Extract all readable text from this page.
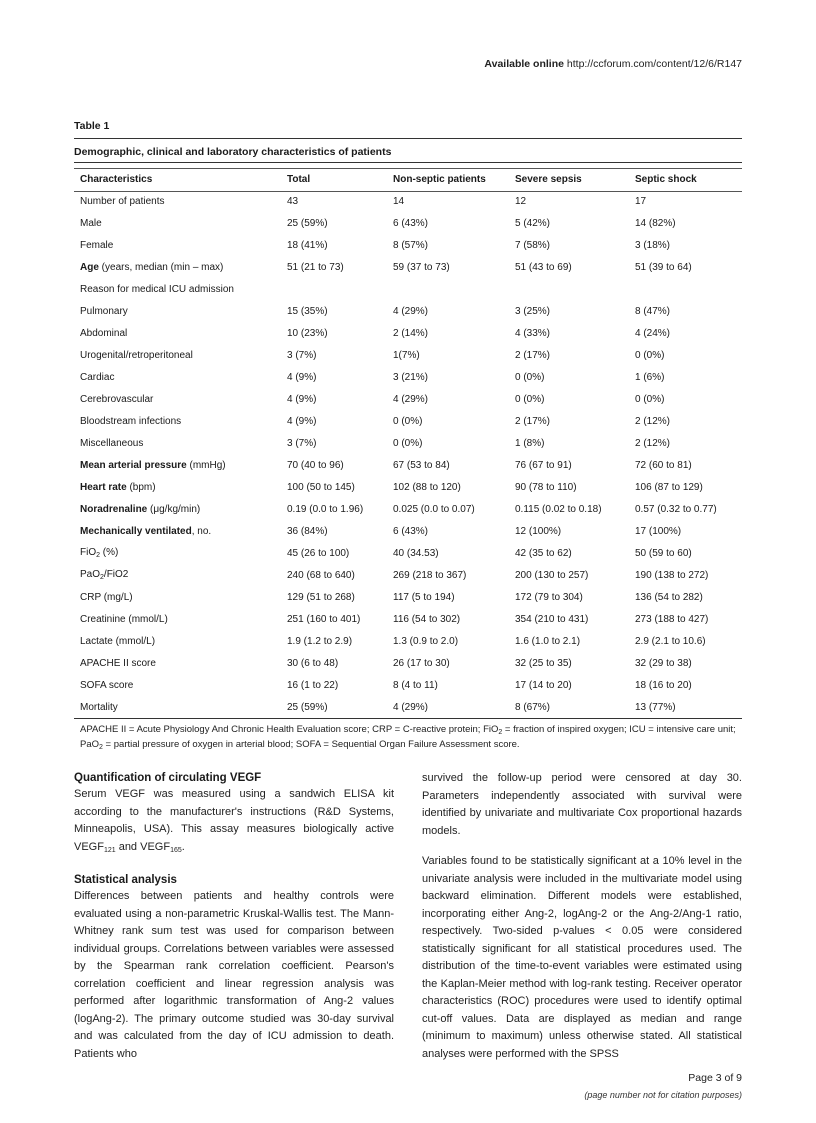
Available online http://ccforum.com/content/12/6/R147
Table 1
Demographic, clinical and laboratory characteristics of patients
Characteristics	Total	Non-septic patients	Severe sepsis	Septic shock
Number of patients	43	14	12	17
Male	25 (59%)	6 (43%)	5 (42%)	14 (82%)
Female	18 (41%)	8 (57%)	7 (58%)	3 (18%)
Age (years, median (min – max)	51 (21 to 73)	59 (37 to 73)	51 (43 to 69)	51 (39 to 64)
Reason for medical ICU admission				
Pulmonary	15 (35%)	4 (29%)	3 (25%)	8 (47%)
Abdominal	10 (23%)	2 (14%)	4 (33%)	4 (24%)
Urogenital/retroperitoneal	3 (7%)	1(7%)	2 (17%)	0 (0%)
Cardiac	4 (9%)	3 (21%)	0 (0%)	1 (6%)
Cerebrovascular	4 (9%)	4 (29%)	0 (0%)	0 (0%)
Bloodstream infections	4 (9%)	0 (0%)	2 (17%)	2 (12%)
Miscellaneous	3 (7%)	0 (0%)	1 (8%)	2 (12%)
Mean arterial pressure (mmHg)	70 (40 to 96)	67 (53 to 84)	76 (67 to 91)	72 (60 to 81)
Heart rate (bpm)	100 (50 to 145)	102 (88 to 120)	90 (78 to 110)	106 (87 to 129)
Noradrenaline (μg/kg/min)	0.19 (0.0 to 1.96)	0.025 (0.0 to 0.07)	0.115 (0.02 to 0.18)	0.57 (0.32 to 0.77)
Mechanically ventilated, no.	36 (84%)	6 (43%)	12 (100%)	17 (100%)
FiO$_2$ (%)	45 (26 to 100)	40 (34.53)	42 (35 to 62)	50 (59 to 60)
PaO$_2$/FiO2	240 (68 to 640)	269 (218 to 367)	200 (130 to 257)	190 (138 to 272)
CRP (mg/L)	129 (51 to 268)	117 (5 to 194)	172 (79 to 304)	136 (54 to 282)
Creatinine (mmol/L)	251 (160 to 401)	116 (54 to 302)	354 (210 to 431)	273 (188 to 427)
Lactate (mmol/L)	1.9 (1.2 to 2.9)	1.3 (0.9 to 2.0)	1.6 (1.0 to 2.1)	2.9 (2.1 to 10.6)
APACHE II score	30 (6 to 48)	26 (17 to 30)	32 (25 to 35)	32 (29 to 38)
SOFA score	16 (1 to 22)	8 (4 to 11)	17 (14 to 20)	18 (16 to 20)
Mortality	25 (59%)	4 (29%)	8 (67%)	13 (77%)
APACHE II = Acute Physiology And Chronic Health Evaluation score; CRP = C-reactive protein; FiO$_2$ = fraction of inspired oxygen; ICU = intensive care unit; PaO$_2$ = partial pressure of oxygen in arterial blood; SOFA = Sequential Organ Failure Assessment score.
Quantification of circulating VEGF

Serum VEGF was measured using a sandwich ELISA kit according to the manufacturer's instructions (R&D Systems, Minneapolis, USA). This assay measures biologically active $VEGF_{121}$ and $VEGF_{165}$.

Statistical analysis

Differences between patients and healthy controls were evaluated using a non-parametric Kruskal-Wallis test. The Mann-Whitney rank sum test was used for comparison between individual groups. Correlations between variables were assessed by the Spearman rank correlation coefficient. Pearson's correlation coefficient and linear regression analysis was performed after logarithmic transformation of Ang-2 values (logAng-2). The primary outcome studied was 30-day survival and was calculated from the day of ICU admission to death. Patients who

survived the follow-up period were censored at day 30. Parameters independently associated with survival were identified by univariate and multivariate Cox proportional hazards models.

Variables found to be statistically significant at a 10% level in the univariate analysis were included in the multivariate model using backward elimination. Different models were established, incorporating either Ang-2, logAng-2 or the Ang-2/Ang-1 ratio, respectively. Two-sided p-values < 0.05 were considered statistically significant for all statistical procedures used. The distribution of the time-to-event variables were estimated using the Kaplan-Meier method with log-rank testing. Receiver operator characteristics (ROC) procedures were used to identify optimal cut-off values. Data are displayed as median and range (minimum to maximum) unless otherwise stated. All statistical analyses were performed with the SPSS

Page 3 of 9
(page number not for citation purposes)
